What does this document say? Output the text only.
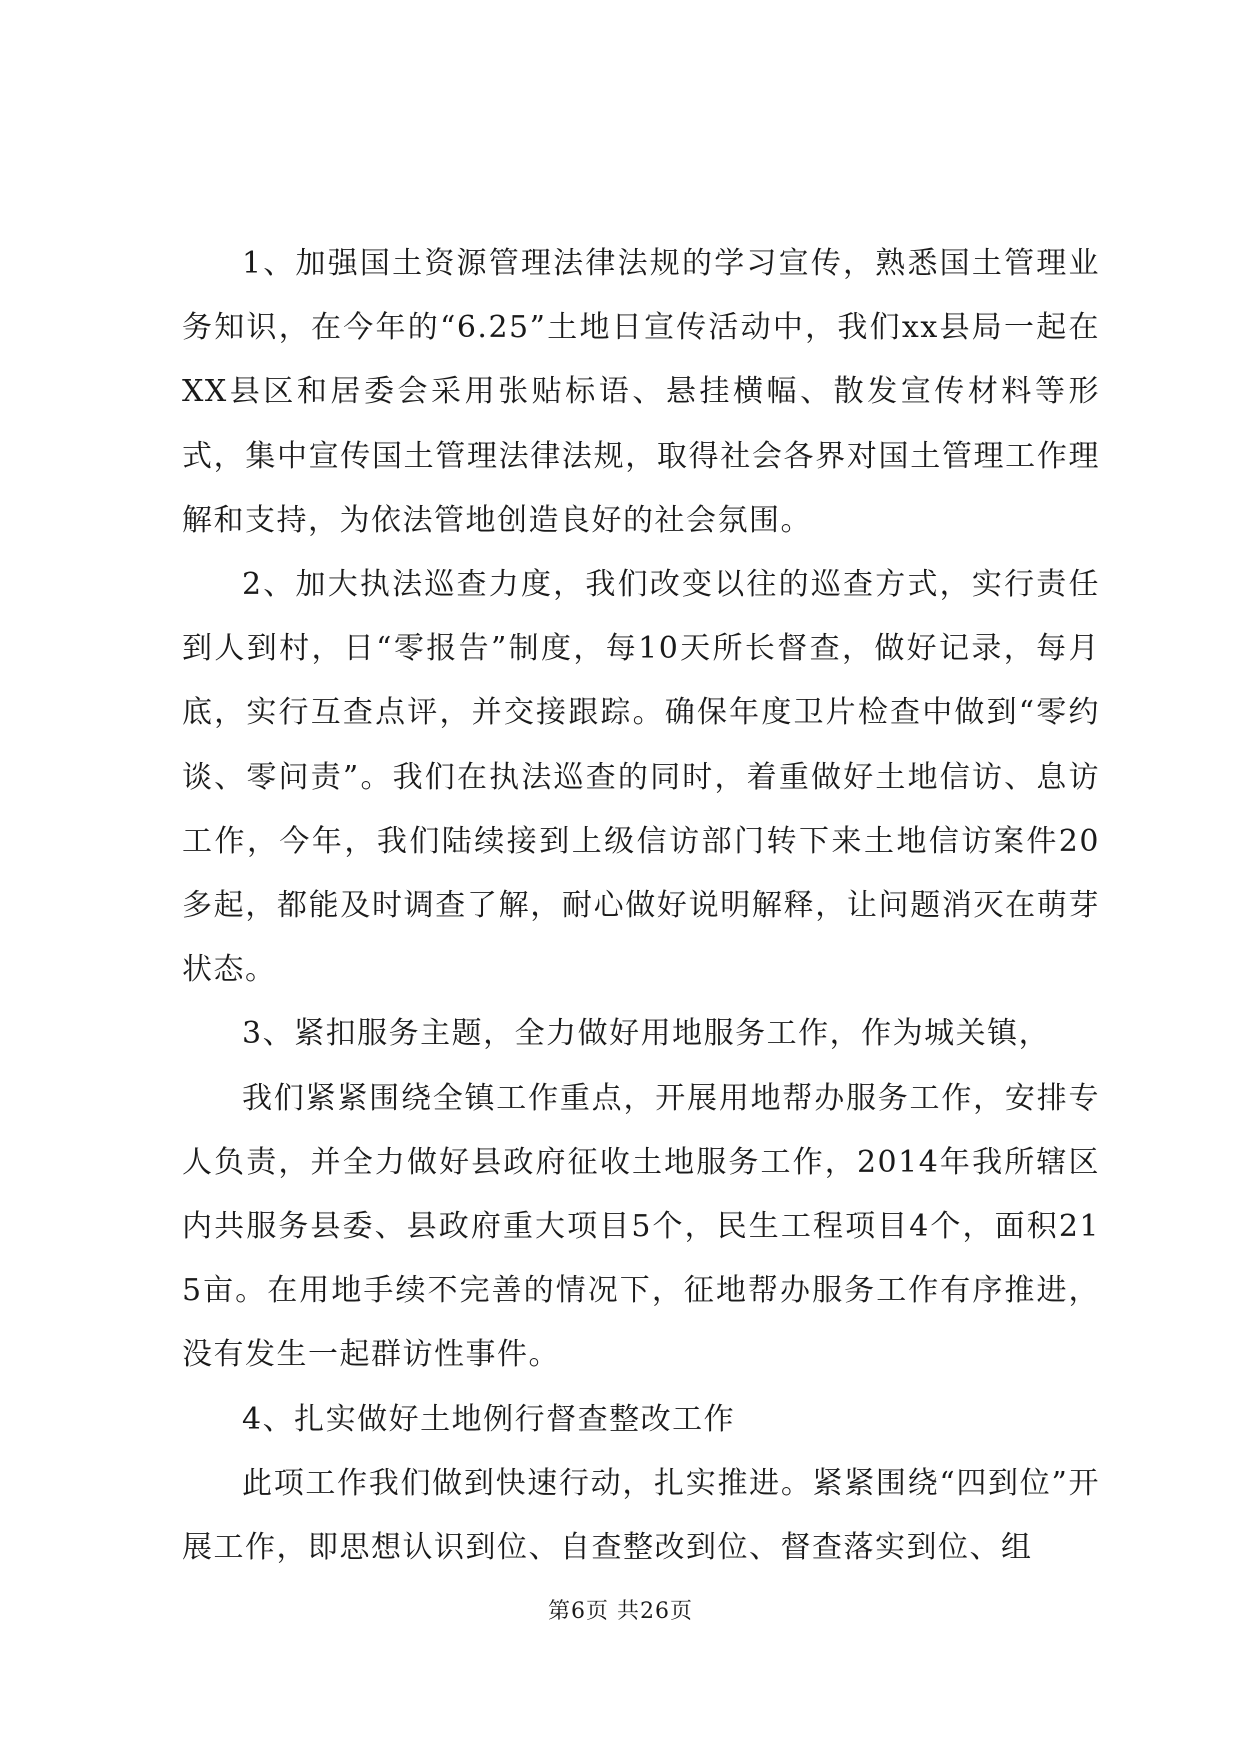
1、加强国土资源管理法律法规的学习宣传，熟悉国土管理业务知识，在今年的“6.25”土地日宣传活动中，我们xx县局一起在XX县区和居委会采用张贴标语、悬挂横幅、散发宣传材料等形式，集中宣传国土管理法律法规，取得社会各界对国土管理工作理解和支持，为依法管地创造良好的社会氛围。

2、加大执法巡查力度，我们改变以往的巡查方式，实行责任到人到村，日“零报告”制度，每10天所长督查，做好记录，每月底，实行互查点评，并交接跟踪。确保年度卫片检查中做到“零约谈、零问责”。我们在执法巡查的同时，着重做好土地信访、息访工作，今年，我们陆续接到上级信访部门转下来土地信访案件20多起，都能及时调查了解，耐心做好说明解释，让问题消灭在萌芽状态。

3、紧扣服务主题，全力做好用地服务工作，作为城关镇，

我们紧紧围绕全镇工作重点，开展用地帮办服务工作，安排专人负责，并全力做好县政府征收土地服务工作，2014年我所辖区内共服务县委、县政府重大项目5个，民生工程项目4个，面积215亩。在用地手续不完善的情况下，征地帮办服务工作有序推进，没有发生一起群访性事件。

4、扎实做好土地例行督查整改工作

此项工作我们做到快速行动，扎实推进。紧紧围绕“四到位”开展工作，即思想认识到位、自查整改到位、督查落实到位、组

第6页 共26页
